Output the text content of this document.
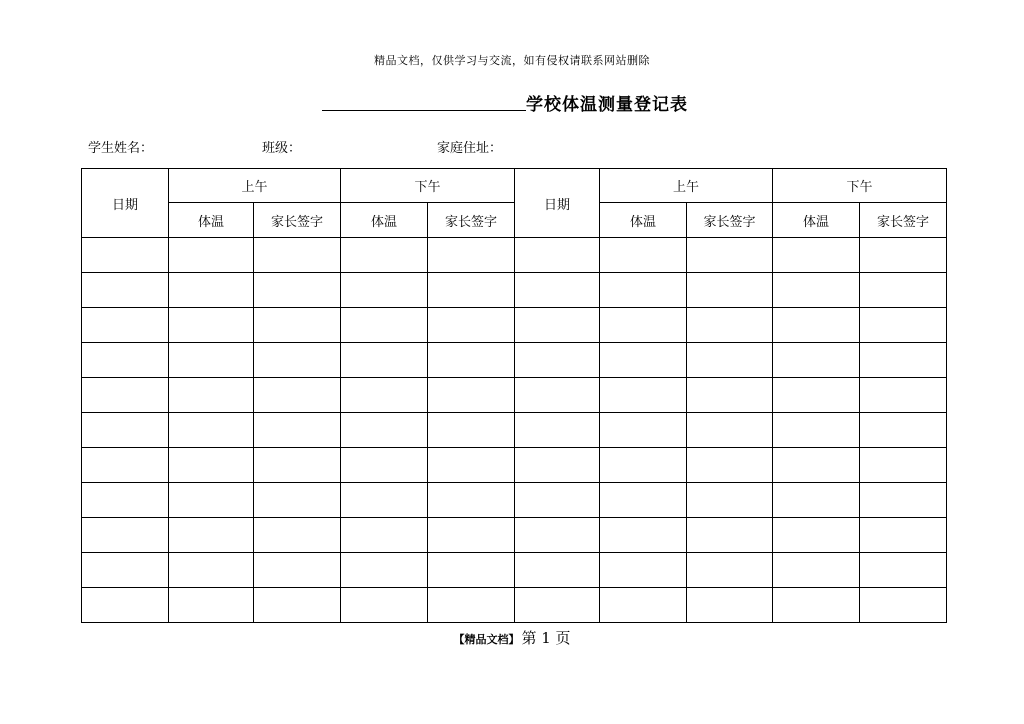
精品文档，仅供学习与交流，如有侵权请联系网站删除
学校体温测量登记表
学生姓名：	班级：	家庭住址：
日期	上午		下午		日期	上午		下午	
	体温	家长签字	体温	家长签字		体温	家长签字	体温	家长签字

【精品文档】 第 1 页
